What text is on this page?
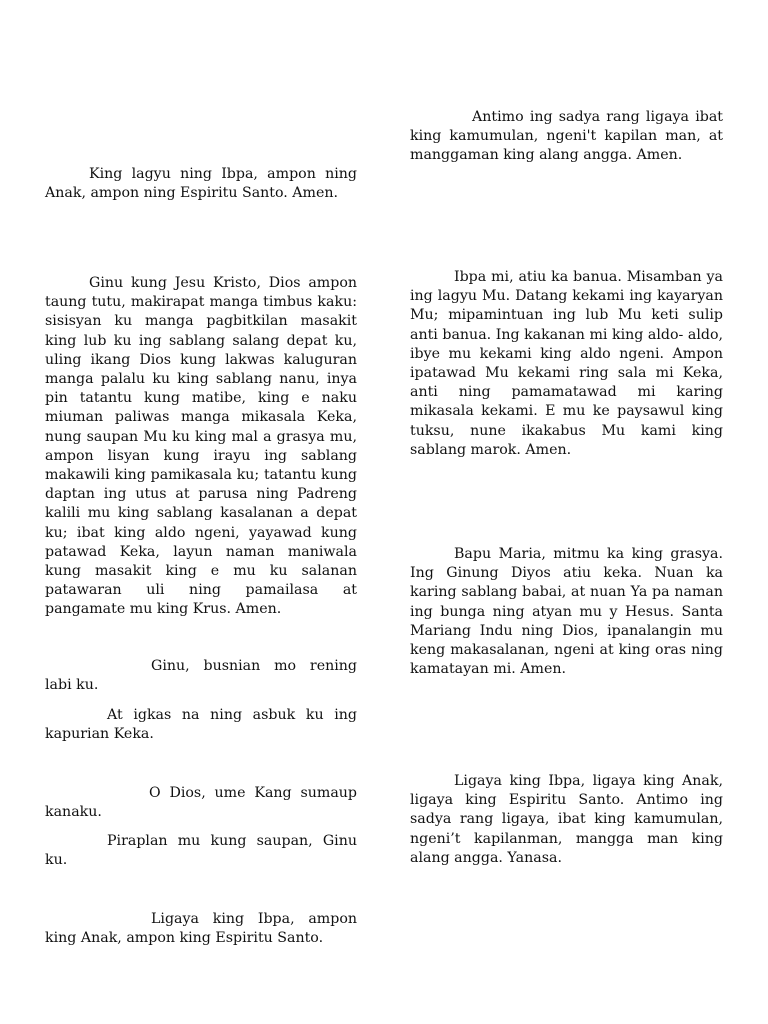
King lagyu ning Ibpa, ampon ning Anak, ampon ning Espiritu Santo. Amen.

Ginu kung Jesu Kristo, Dios ampon taung tutu, makirapat manga timbus kaku: sisisyan ku manga pagbitkilan masakit king lub ku ing sablang salang depat ku, uling ikang Dios kung lakwas kaluguran manga palalu ku king sablang nanu, inya pin tatantu kung matibe, king e naku miuman paliwas manga mikasala Keka, nung saupan Mu ku king mal a grasya mu, ampon lisyan kung irayu ing sablang makawili king pamikasala ku; tatantu kung daptan ing utus at parusa ning Padreng kalili mu king sablang kasalanan a depat ku; ibat king aldo ngeni, yayawad kung patawad Keka, layun naman maniwala kung masakit king e mu ku salanan patawaran uli ning pamailasa at pangamate mu king Krus. Amen.

Ginu, busnian mo rening labi ku.

At igkas na ning asbuk ku ing kapurian Keka.

O Dios, ume Kang sumaup kanaku.

Piraplan mu kung saupan, Ginu ku.

Ligaya king Ibpa, ampon king Anak, ampon king Espiritu Santo.

Antimo ing sadya rang ligaya ibat king kamumulan, ngeni't kapilan man, at manggaman king alang angga. Amen.

Ibpa mi, atiu ka banua. Misamban ya ing lagyu Mu. Datang kekami ing kayaryan Mu; mipamintuan ing lub Mu keti sulip anti banua. Ing kakanan mi king aldo- aldo, ibye mu kekami king aldo ngeni. Ampon ipatawad Mu kekami ring sala mi Keka, anti ning pamamatawad mi karing mikasala kekami. E mu ke paysawul king tuksu, nune ikakabus Mu kami king sablang marok. Amen.

Bapu Maria, mitmu ka king grasya. Ing Ginung Diyos atiu keka. Nuan ka karing sablang babai, at nuan Ya pa naman ing bunga ning atyan mu y Hesus. Santa Mariang Indu ning Dios, ipanalangin mu keng makasalanan, ngeni at king oras ning kamatayan mi. Amen.

Ligaya king Ibpa, ligaya king Anak, ligaya king Espiritu Santo. Antimo ing sadya rang ligaya, ibat king kamumulan, ngeni’t kapilanman, mangga man king alang angga. Yanasa.
